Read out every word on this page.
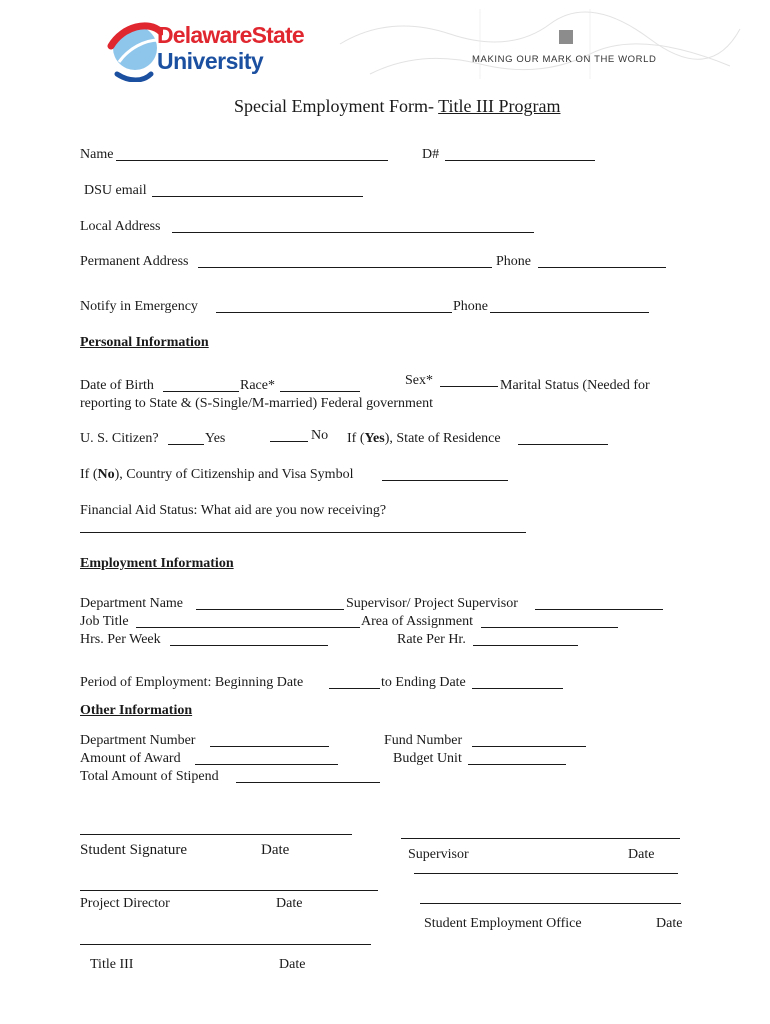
DelawareState
University	MAKING OUR MARK ON THE WORLD
Special Employment Form- Title III Program
Name	D#
DSU email
Local Address
Permanent Address	Phone
Notify in Emergency	Phone
Personal Information
Date of Birth	Race*	Sex*	Marital Status (Needed for
reporting to State & (S-Single/M-married) Federal government
U. S. Citizen?	Yes	No If (Yes), State of Residence
If (No), Country of Citizenship and Visa Symbol
Financial Aid Status: What aid are you now receiving?
Employment Information
Department Name	Supervisor/ Project Supervisor
Job Title	Area of Assignment
Hrs. Per Week	Rate Per Hr.
Period of Employment: Beginning Date	to Ending Date
Other Information
Department Number	Fund Number
Amount of Award	Budget Unit
Total Amount of Stipend
Student Signature	Date	Supervisor	Date
Project Director	Date
Student Employment Office	Date
Title III	Date
